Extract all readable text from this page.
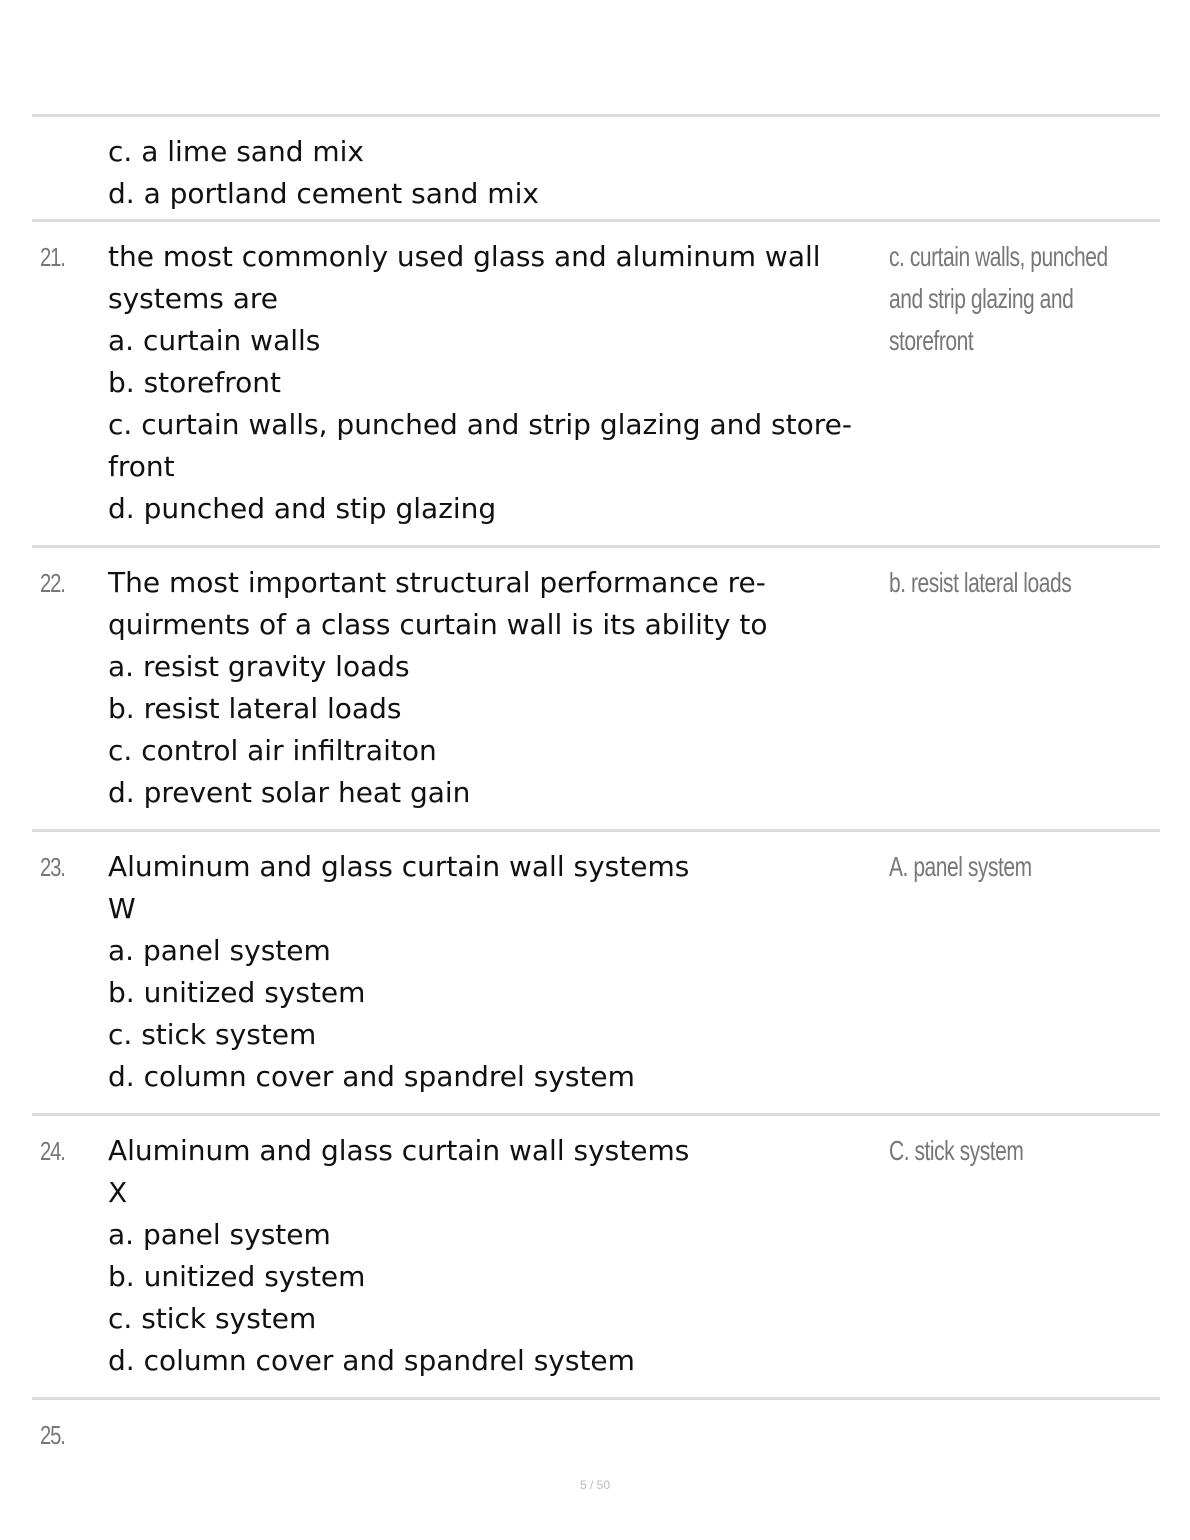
c. a lime sand mix
d. a portland cement sand mix
21. the most commonly used glass and aluminum wall
systems are
a. curtain walls
b. storefront
c. curtain walls, punched and strip glazing and store-
front
d. punched and stip glazing
c. curtain walls, punched
and strip glazing and
storefront
22. The most important structural performance re-
quirments of a class curtain wall is its ability to
a. resist gravity loads
b. resist lateral loads
c. control air infiltraiton
d. prevent solar heat gain
b. resist lateral loads
23. Aluminum and glass curtain wall systems
W
a. panel system
b. unitized system
c. stick system
d. column cover and spandrel system
A. panel system
24. Aluminum and glass curtain wall systems
X
a. panel system
b. unitized system
c. stick system
d. column cover and spandrel system
C. stick system
25.
5 / 50
